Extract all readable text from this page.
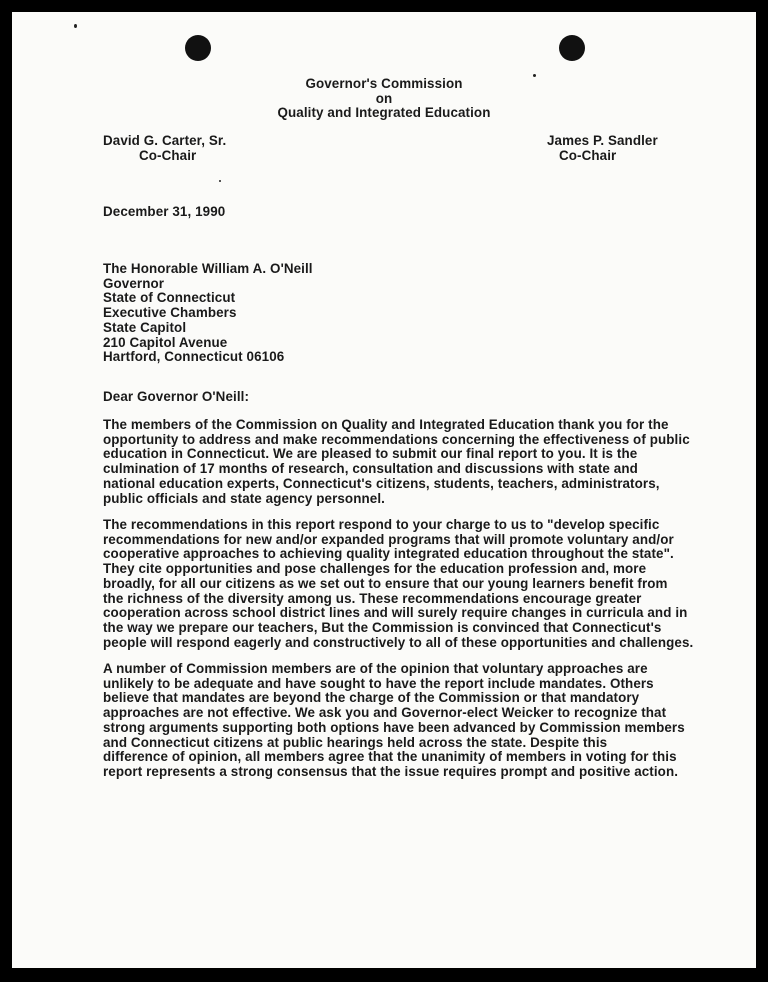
Governor's Commission
on
Quality and Integrated Education
David G. Carter, Sr.
Co-Chair
James P. Sandler
Co-Chair
December 31, 1990
The Honorable William A. O'Neill
Governor
State of Connecticut
Executive Chambers
State Capitol
210 Capitol Avenue
Hartford, Connecticut 06106
Dear Governor O'Neill:
The members of the Commission on Quality and Integrated Education thank you for the
opportunity to address and make recommendations concerning the effectiveness of public
education in Connecticut. We are pleased to submit our final report to you. It is the
culmination of 17 months of research, consultation and discussions with state and
national education experts, Connecticut's citizens, students, teachers, administrators,
public officials and state agency personnel.
The recommendations in this report respond to your charge to us to "develop specific
recommendations for new and/or expanded programs that will promote voluntary and/or
cooperative approaches to achieving quality integrated education throughout the state".
They cite opportunities and pose challenges for the education profession and, more
broadly, for all our citizens as we set out to ensure that our young learners benefit from
the richness of the diversity among us. These recommendations encourage greater
cooperation across school district lines and will surely require changes in curricula and in
the way we prepare our teachers, But the Commission is convinced that Connecticut's
people will respond eagerly and constructively to all of these opportunities and challenges.
A number of Commission members are of the opinion that voluntary approaches are
unlikely to be adequate and have sought to have the report include mandates. Others
believe that mandates are beyond the charge of the Commission or that mandatory
approaches are not effective. We ask you and Governor-elect Weicker to recognize that
strong arguments supporting both options have been advanced by Commission members
and Connecticut citizens at public hearings held across the state. Despite this
difference of opinion, all members agree that the unanimity of members in voting for this
report represents a strong consensus that the issue requires prompt and positive action.
